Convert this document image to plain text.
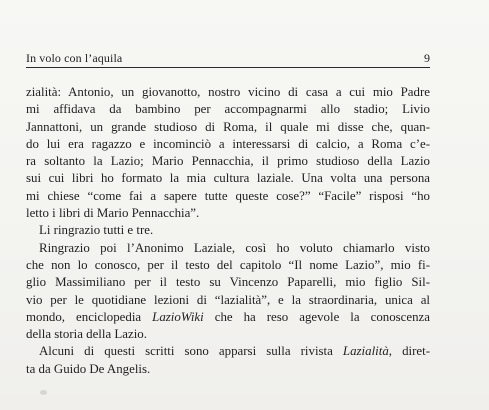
In volo con l’aquila	9
zialità: Antonio, un giovanotto, nostro vicino di casa a cui mio Padre
mi affidava da bambino per accompagnarmi allo stadio; Livio
Jannattoni, un grande studioso di Roma, il quale mi disse che, quan-
do lui era ragazzo e incominciò a interessarsi di calcio, a Roma c’e-
ra soltanto la Lazio; Mario Pennacchia, il primo studioso della Lazio
sui cui libri ho formato la mia cultura laziale. Una volta una persona
mi chiese “come fai a sapere tutte queste cose?” “Facile” risposi “ho
letto i libri di Mario Pennacchia”.
Li ringrazio tutti e tre.
Ringrazio poi l’Anonimo Laziale, così ho voluto chiamarlo visto
che non lo conosco, per il testo del capitolo “Il nome Lazio”, mio fi-
glio Massimiliano per il testo su Vincenzo Paparelli, mio figlio Sil-
vio per le quotidiane lezioni di “lazialità”, e la straordinaria, unica al
mondo, enciclopedia LazioWiki che ha reso agevole la conoscenza
della storia della Lazio.
Alcuni di questi scritti sono apparsi sulla rivista Lazialità, diret-
ta da Guido De Angelis.
